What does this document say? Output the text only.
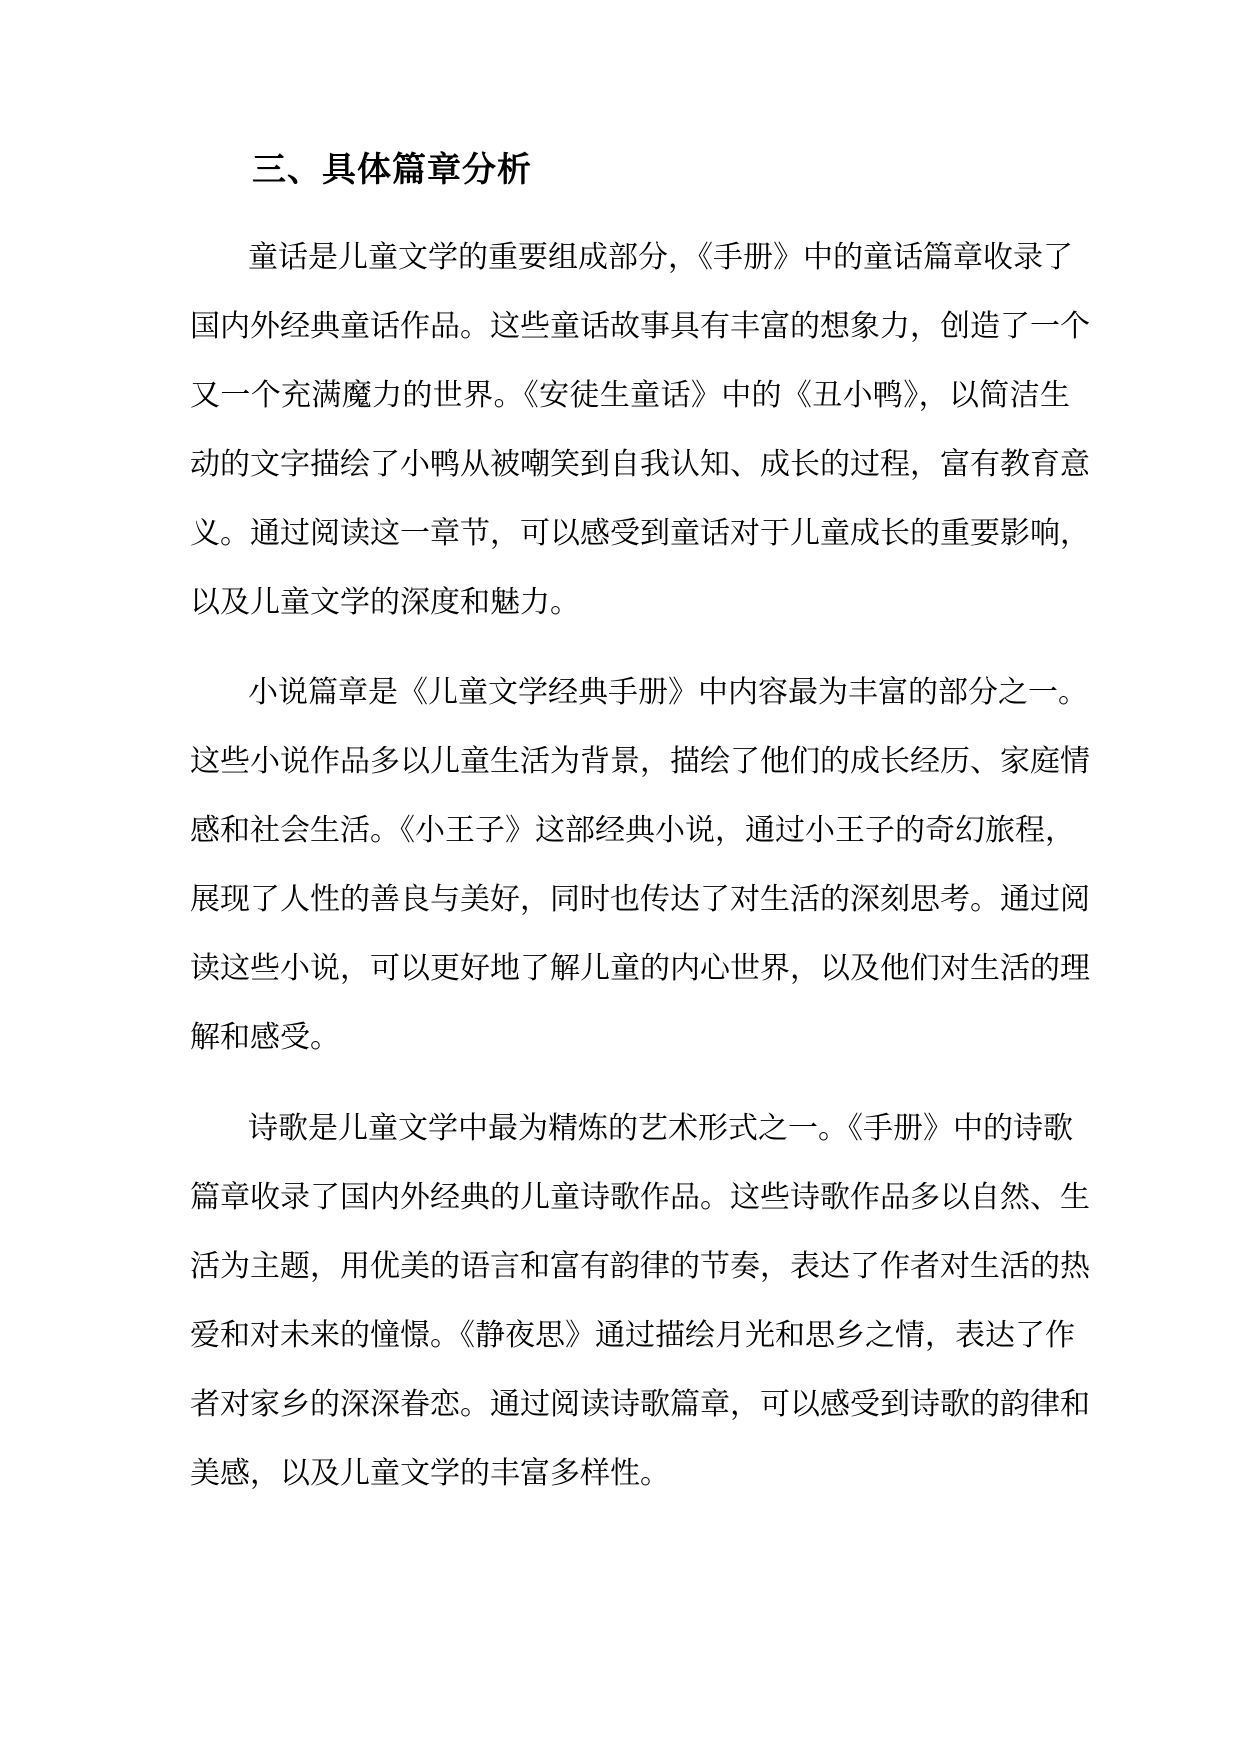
三、具体篇章分析

童话是儿童文学的重要组成部分，《手册》中的童话篇章收录了

国内外经典童话作品。这些童话故事具有丰富的想象力，创造了一个

又一个充满魔力的世界。《安徒生童话》中的《丑小鸭》，以简洁生

动的文字描绘了小鸭从被嘲笑到自我认知、成长的过程，富有教育意

义。通过阅读这一章节，可以感受到童话对于儿童成长的重要影响，

以及儿童文学的深度和魅力。

小说篇章是《儿童文学经典手册》中内容最为丰富的部分之一。

这些小说作品多以儿童生活为背景，描绘了他们的成长经历、家庭情

感和社会生活。《小王子》这部经典小说，通过小王子的奇幻旅程，

展现了人性的善良与美好，同时也传达了对生活的深刻思考。通过阅

读这些小说，可以更好地了解儿童的内心世界，以及他们对生活的理

解和感受。

诗歌是儿童文学中最为精炼的艺术形式之一。《手册》中的诗歌

篇章收录了国内外经典的儿童诗歌作品。这些诗歌作品多以自然、生

活为主题，用优美的语言和富有韵律的节奏，表达了作者对生活的热

爱和对未来的憧憬。《静夜思》通过描绘月光和思乡之情，表达了作

者对家乡的深深眷恋。通过阅读诗歌篇章，可以感受到诗歌的韵律和

美感，以及儿童文学的丰富多样性。
